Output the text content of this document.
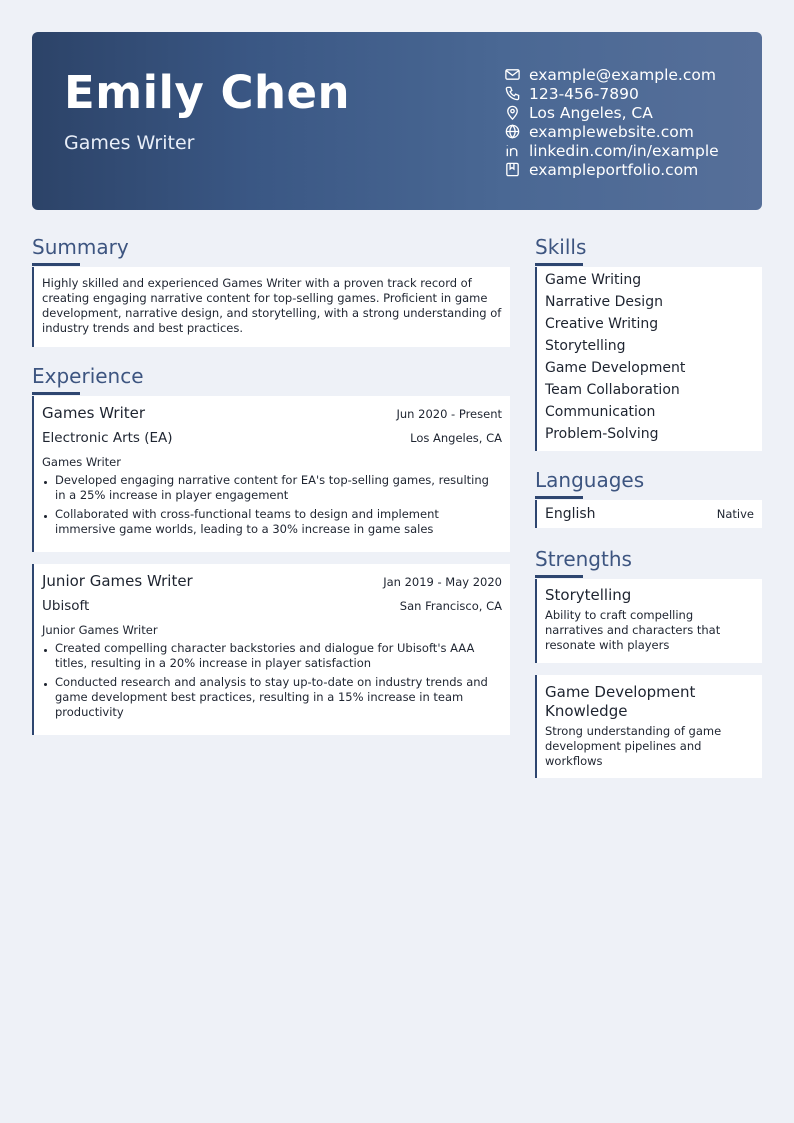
Emily Chen
Games Writer
example@example.com
123-456-7890
Los Angeles, CA
examplewebsite.com
linkedin.com/in/example
exampleportfolio.com
Summary
Highly skilled and experienced Games Writer with a proven track record of creating engaging narrative content for top-selling games. Proficient in game development, narrative design, and storytelling, with a strong understanding of industry trends and best practices.
Experience
Games Writer	Jun 2020 - Present
Electronic Arts (EA)	Los Angeles, CA
Games Writer
Developed engaging narrative content for EA's top-selling games, resulting in a 25% increase in player engagement
Collaborated with cross-functional teams to design and implement immersive game worlds, leading to a 30% increase in game sales
Junior Games Writer	Jan 2019 - May 2020
Ubisoft	San Francisco, CA
Junior Games Writer
Created compelling character backstories and dialogue for Ubisoft's AAA titles, resulting in a 20% increase in player satisfaction
Conducted research and analysis to stay up-to-date on industry trends and game development best practices, resulting in a 15% increase in team productivity
Skills
Game Writing
Narrative Design
Creative Writing
Storytelling
Game Development
Team Collaboration
Communication
Problem-Solving
Languages
English	Native
Strengths
Storytelling
Ability to craft compelling narratives and characters that resonate with players
Game Development Knowledge
Strong understanding of game development pipelines and workflows
